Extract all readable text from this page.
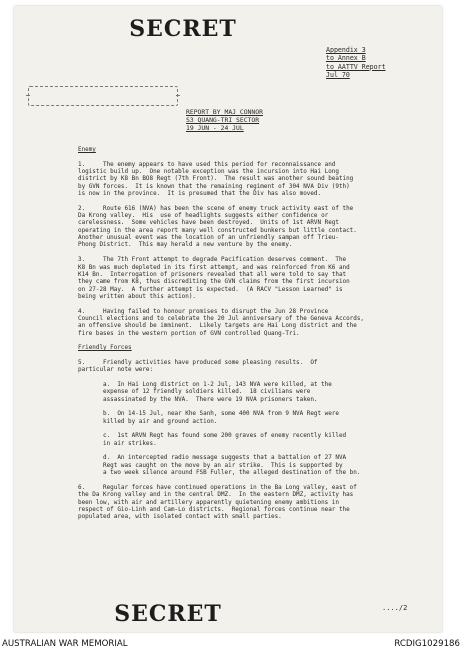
SECRET
Appendix 3
to Annex B
to AATTV Report
Jul 70
REPORT BY MAJ CONNOR
S3 QUANG-TRI SECTOR
19 JUN - 24 JUL
Enemy
1.     The enemy appears to have used this period for reconnaissance and
logistic build up.  One notable exception was the incursion into Hai Long
district by K8 Bn BO8 Regt (7th Front).  The result was another sound beating
by GVN forces.  It is known that the remaining regiment of 304 NVA Div (9th)
is now in the province.  It is presumed that the Div has also moved.
2.     Route 616 (NVA) has been the scene of enemy truck activity east of the
Da Krong valley.  His  use of headlights suggests either confidence or
carelessness.  Some vehicles have been destroyed.  Units of 1st ARVN Regt
operating in the area report many well constructed bunkers but little contact.
Another unusual event was the location of an unfriendly sampan off Trieu-
Phong District.  This may herald a new venture by the enemy.
3.     The 7th Front attempt to degrade Pacification deserves comment.  The
K8 Bn was much depleted in its first attempt, and was reinforced from K6 and
K14 Bn.  Interrogation of prisoners revealed that all were told to say that
they came from K8, thus discrediting the GVN claims from the first incursion
on 27-28 May.  A further attempt is expected.  (A RACV "Lesson Learned" is
being written about this action).
4.     Having failed to honour promises to disrupt the Jun 28 Province
Council elections and to celebrate the 20 Jul anniversary of the Geneva Accords,
an offensive should be imminent.  Likely targets are Hai Long district and the
fire bases in the western portion of GVN controlled Quang-Tri.
Friendly Forces
5.     Friendly activities have produced some pleasing results.  Of
particular note were:
a.  In Hai Long district on 1-2 Jul, 143 NVA were killed, at the
expense of 12 friendly soldiers killed.  18 civilians were
assassinated by the NVA.  There were 19 NVA prisoners taken.
b.  On 14-15 Jul, near Khe Sanh, some 400 NVA from 9 NVA Regt were
killed by air and ground action.
c.  1st ARVN Regt has found some 200 graves of enemy recently killed
in air strikes.
d.  An intercepted radio message suggests that a battalion of 27 NVA
Regt was caught on the move by an air strike.  This is supported by
a two week silence around FSB Fuller, the alleged destination of the bn.
6.     Regular forces have continued operations in the Ba Long valley, east of
the Da Krong valley and in the central DMZ.  In the eastern DMZ, activity has
been low, with air and artillery apparently quietening enemy ambitions in
respect of Gio-Linh and Cam-Lo districts.  Regional forces continue near the
populated area, with isolated contact with small parties.
SECRET	..../2
AUSTRALIAN WAR MEMORIAL	RCDIG1029186
